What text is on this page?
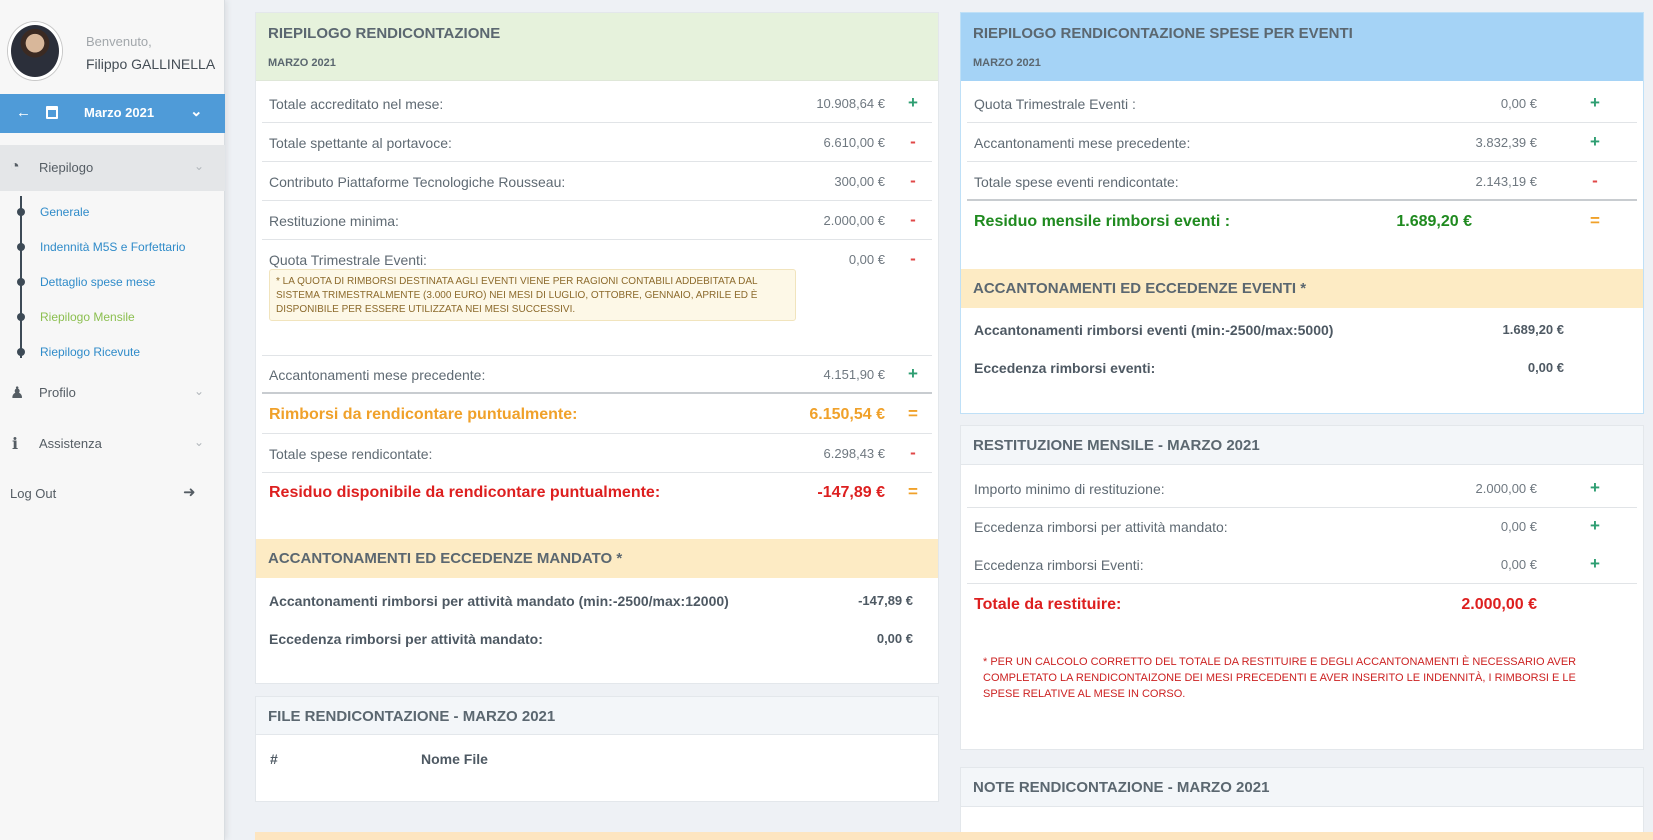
Benvenuto,
Filippo GALLINELLA
←	Marzo 2021 ⌄
◔ Riepilogo	⌄
Generale
Indennità M5S e Forfettario
Dettaglio spese mese
Riepilogo Mensile
Riepilogo Ricevute
♟ Profilo	⌄
i Assistenza	⌄
Log Out	➜
RIEPILOGO RENDICONTAZIONE
MARZO 2021
Totale accreditato nel mese:	10.908,64 € +
Totale spettante al portavoce:	6.610,00 €	-
Contributo Piattaforme Tecnologiche Rousseau:	300,00 €	-
Restituzione minima:	2.000,00 €	-
Quota Trimestrale Eventi:	0,00 €	-
* LA QUOTA DI RIMBORSI DESTINATA AGLI EVENTI VIENE PER RAGIONI CONTABILI ADDEBITATA DAL SISTEMA TRIMESTRALMENTE (3.000 EURO) NEI MESI DI LUGLIO, OTTOBRE, GENNAIO, APRILE ED È DISPONIBILE PER ESSERE UTILIZZATA NEI MESI SUCCESSIVI.
Accantonamenti mese precedente:	4.151,90 € +
Rimborsi da rendicontare puntualmente:	6.150,54 € =
Totale spese rendicontate:	6.298,43 €	-
Residuo disponibile da rendicontare puntualmente:	-147,89 € =
ACCANTONAMENTI ED ECCEDENZE MANDATO *
Accantonamenti rimborsi per attività mandato (min:-2500/max:12000)	-147,89 €
Eccedenza rimborsi per attività mandato:	0,00 €
FILE RENDICONTAZIONE - MARZO 2021
#	Nome File
RIEPILOGO RENDICONTAZIONE SPESE PER EVENTI
MARZO 2021
Quota Trimestrale Eventi :	0,00 €	+
Accantonamenti mese precedente:	3.832,39 €	+
Totale spese eventi rendicontate:	2.143,19 €	-
Residuo mensile rimborsi eventi :	1.689,20 €	=
ACCANTONAMENTI ED ECCEDENZE EVENTI *
Accantonamenti rimborsi eventi (min:-2500/max:5000)	1.689,20 €
Eccedenza rimborsi eventi:	0,00 €
RESTITUZIONE MENSILE - MARZO 2021
Importo minimo di restituzione:	2.000,00 €	+
Eccedenza rimborsi per attività mandato:	0,00 €	+
Eccedenza rimborsi Eventi:	0,00 €	+
Totale da restituire:	2.000,00 €
* PER UN CALCOLO CORRETTO DEL TOTALE DA RESTITUIRE E DEGLI ACCANTONAMENTI È NECESSARIO AVER COMPLETATO LA RENDICONTAIZONE DEI MESI PRECEDENTI E AVER INSERITO LE INDENNITÀ, I RIMBORSI E LE SPESE RELATIVE AL MESE IN CORSO.
NOTE RENDICONTAZIONE - MARZO 2021
